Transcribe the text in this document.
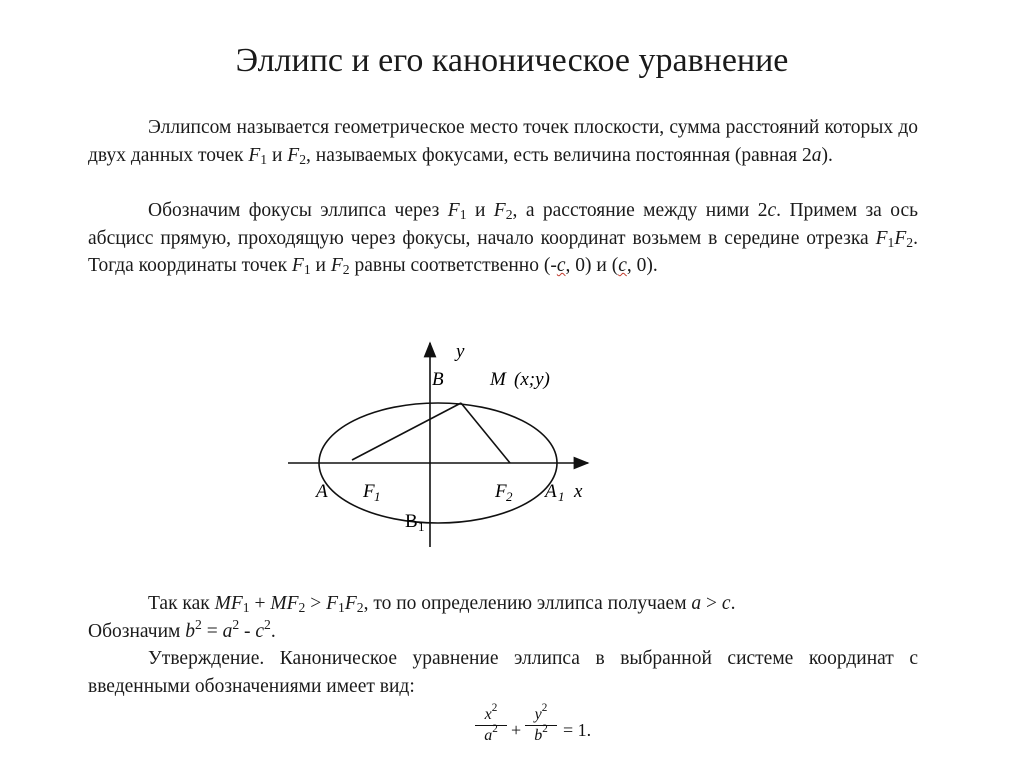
Эллипс и его каноническое уравнение

Эллипсом называется геометрическое место точек плоскости, сумма расстояний которых до двух данных точек $F_1$ и $F_2$, называемых фокусами, есть величина постоянная (равная 2a).

Обозначим фокусы эллипса через $F_1$ и $F_2$, а расстояние между ними 2c. Примем за ось абсцисс прямую, проходящую через фокусы, начало координат возьмем в середине отрезка $F_1F_2$. Тогда координаты точек $F_1$ и $F_2$ равны соответственно (-c, 0) и (c, 0).

y
B M (x;y)
A F 1	F 2 A 1 x
B 1

Так как $MF_1 + MF_2 > F_1F_2$, то по определению эллипса получаем a > c.
Обозначим $b^2 = a^2 - c^2$.
Утверждение. Каноническое уравнение эллипса в выбранной системе координат с введенными обозначениями имеет вид:

$\frac{x^2}{a^2} + \frac{y^2}{b^2} = 1$.
